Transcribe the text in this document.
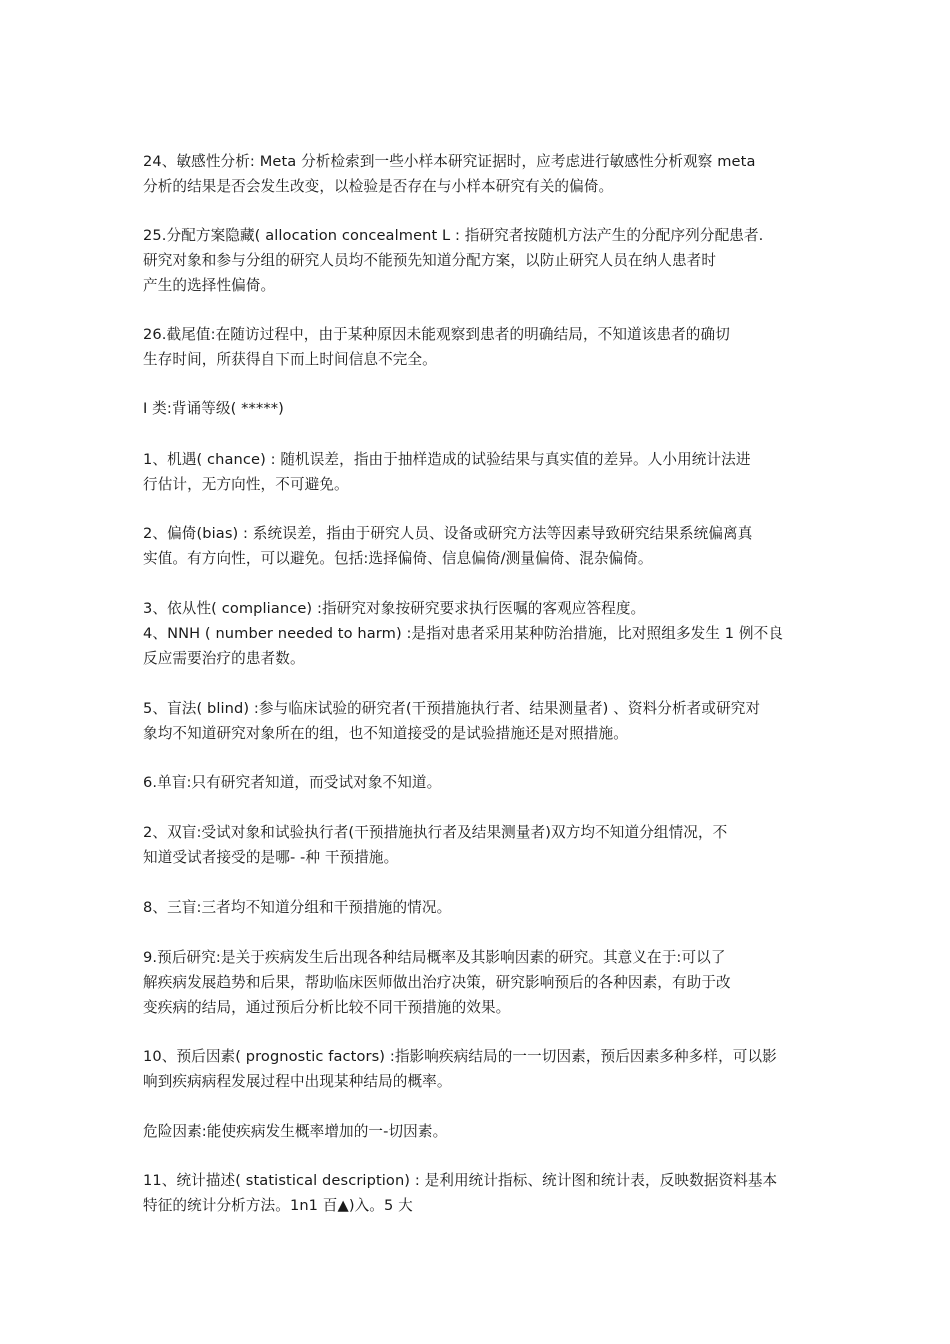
24、敏感性分析: Meta 分析检索到一些小样本研究证据时，应考虑进行敏感性分析观察 meta
分析的结果是否会发生改变，以检验是否存在与小样本研究有关的偏倚。

25.分配方案隐藏( allocation concealment L : 指研究者按随机方法产生的分配序列分配患者.
研究对象和参与分组的研究人员均不能预先知道分配方案，以防止研究人员在纳人患者时
产生的选择性偏倚。

26.截尾值:在随访过程中，由于某种原因未能观察到患者的明确结局，不知道该患者的确切
生存时间，所获得自下而上时间信息不完全。

I 类:背诵等级( *****)

1、机遇( chance) : 随机误差，指由于抽样造成的试验结果与真实值的差异。人小用统计法进
行估计，无方向性，不可避免。

2、偏倚(bias) : 系统误差，指由于研究人员、设备或研究方法等因素导致研究结果系统偏离真
实值。有方向性，可以避免。包括:选择偏倚、信息偏倚/测量偏倚、混杂偏倚。

3、依从性( compliance) :指研究对象按研究要求执行医嘱的客观应答程度。
4、NNH ( number needed to harm) :是指对患者采用某种防治措施，比对照组多发生 1 例不良
反应需要治疗的患者数。

5、盲法( blind) :参与临床试验的研究者(干预措施执行者、结果测量者) 、资料分析者或研究对
象均不知道研究对象所在的组，也不知道接受的是试验措施还是对照措施。

6.单盲:只有研究者知道，而受试对象不知道。

2、双盲:受试对象和试验执行者(干预措施执行者及结果测量者)双方均不知道分组情况，不
知道受试者接受的是哪- -种 干预措施。

8、三盲:三者均不知道分组和干预措施的情况。

9.预后研究:是关于疾病发生后出现各种结局概率及其影响因素的研究。其意义在于:可以了
解疾病发展趋势和后果，帮助临床医师做出治疗决策，研究影响预后的各种因素，有助于改
变疾病的结局，通过预后分析比较不同干预措施的效果。

10、预后因素( prognostic factors) :指影响疾病结局的一一切因素，预后因素多种多样，可以影
响到疾病病程发展过程中出现某种结局的概率。

危险因素:能使疾病发生概率增加的一-切因素。

11、统计描述( statistical description) : 是利用统计指标、统计图和统计表，反映数据资料基本
特征的统计分析方法。1n1 百▲)入。5 大
